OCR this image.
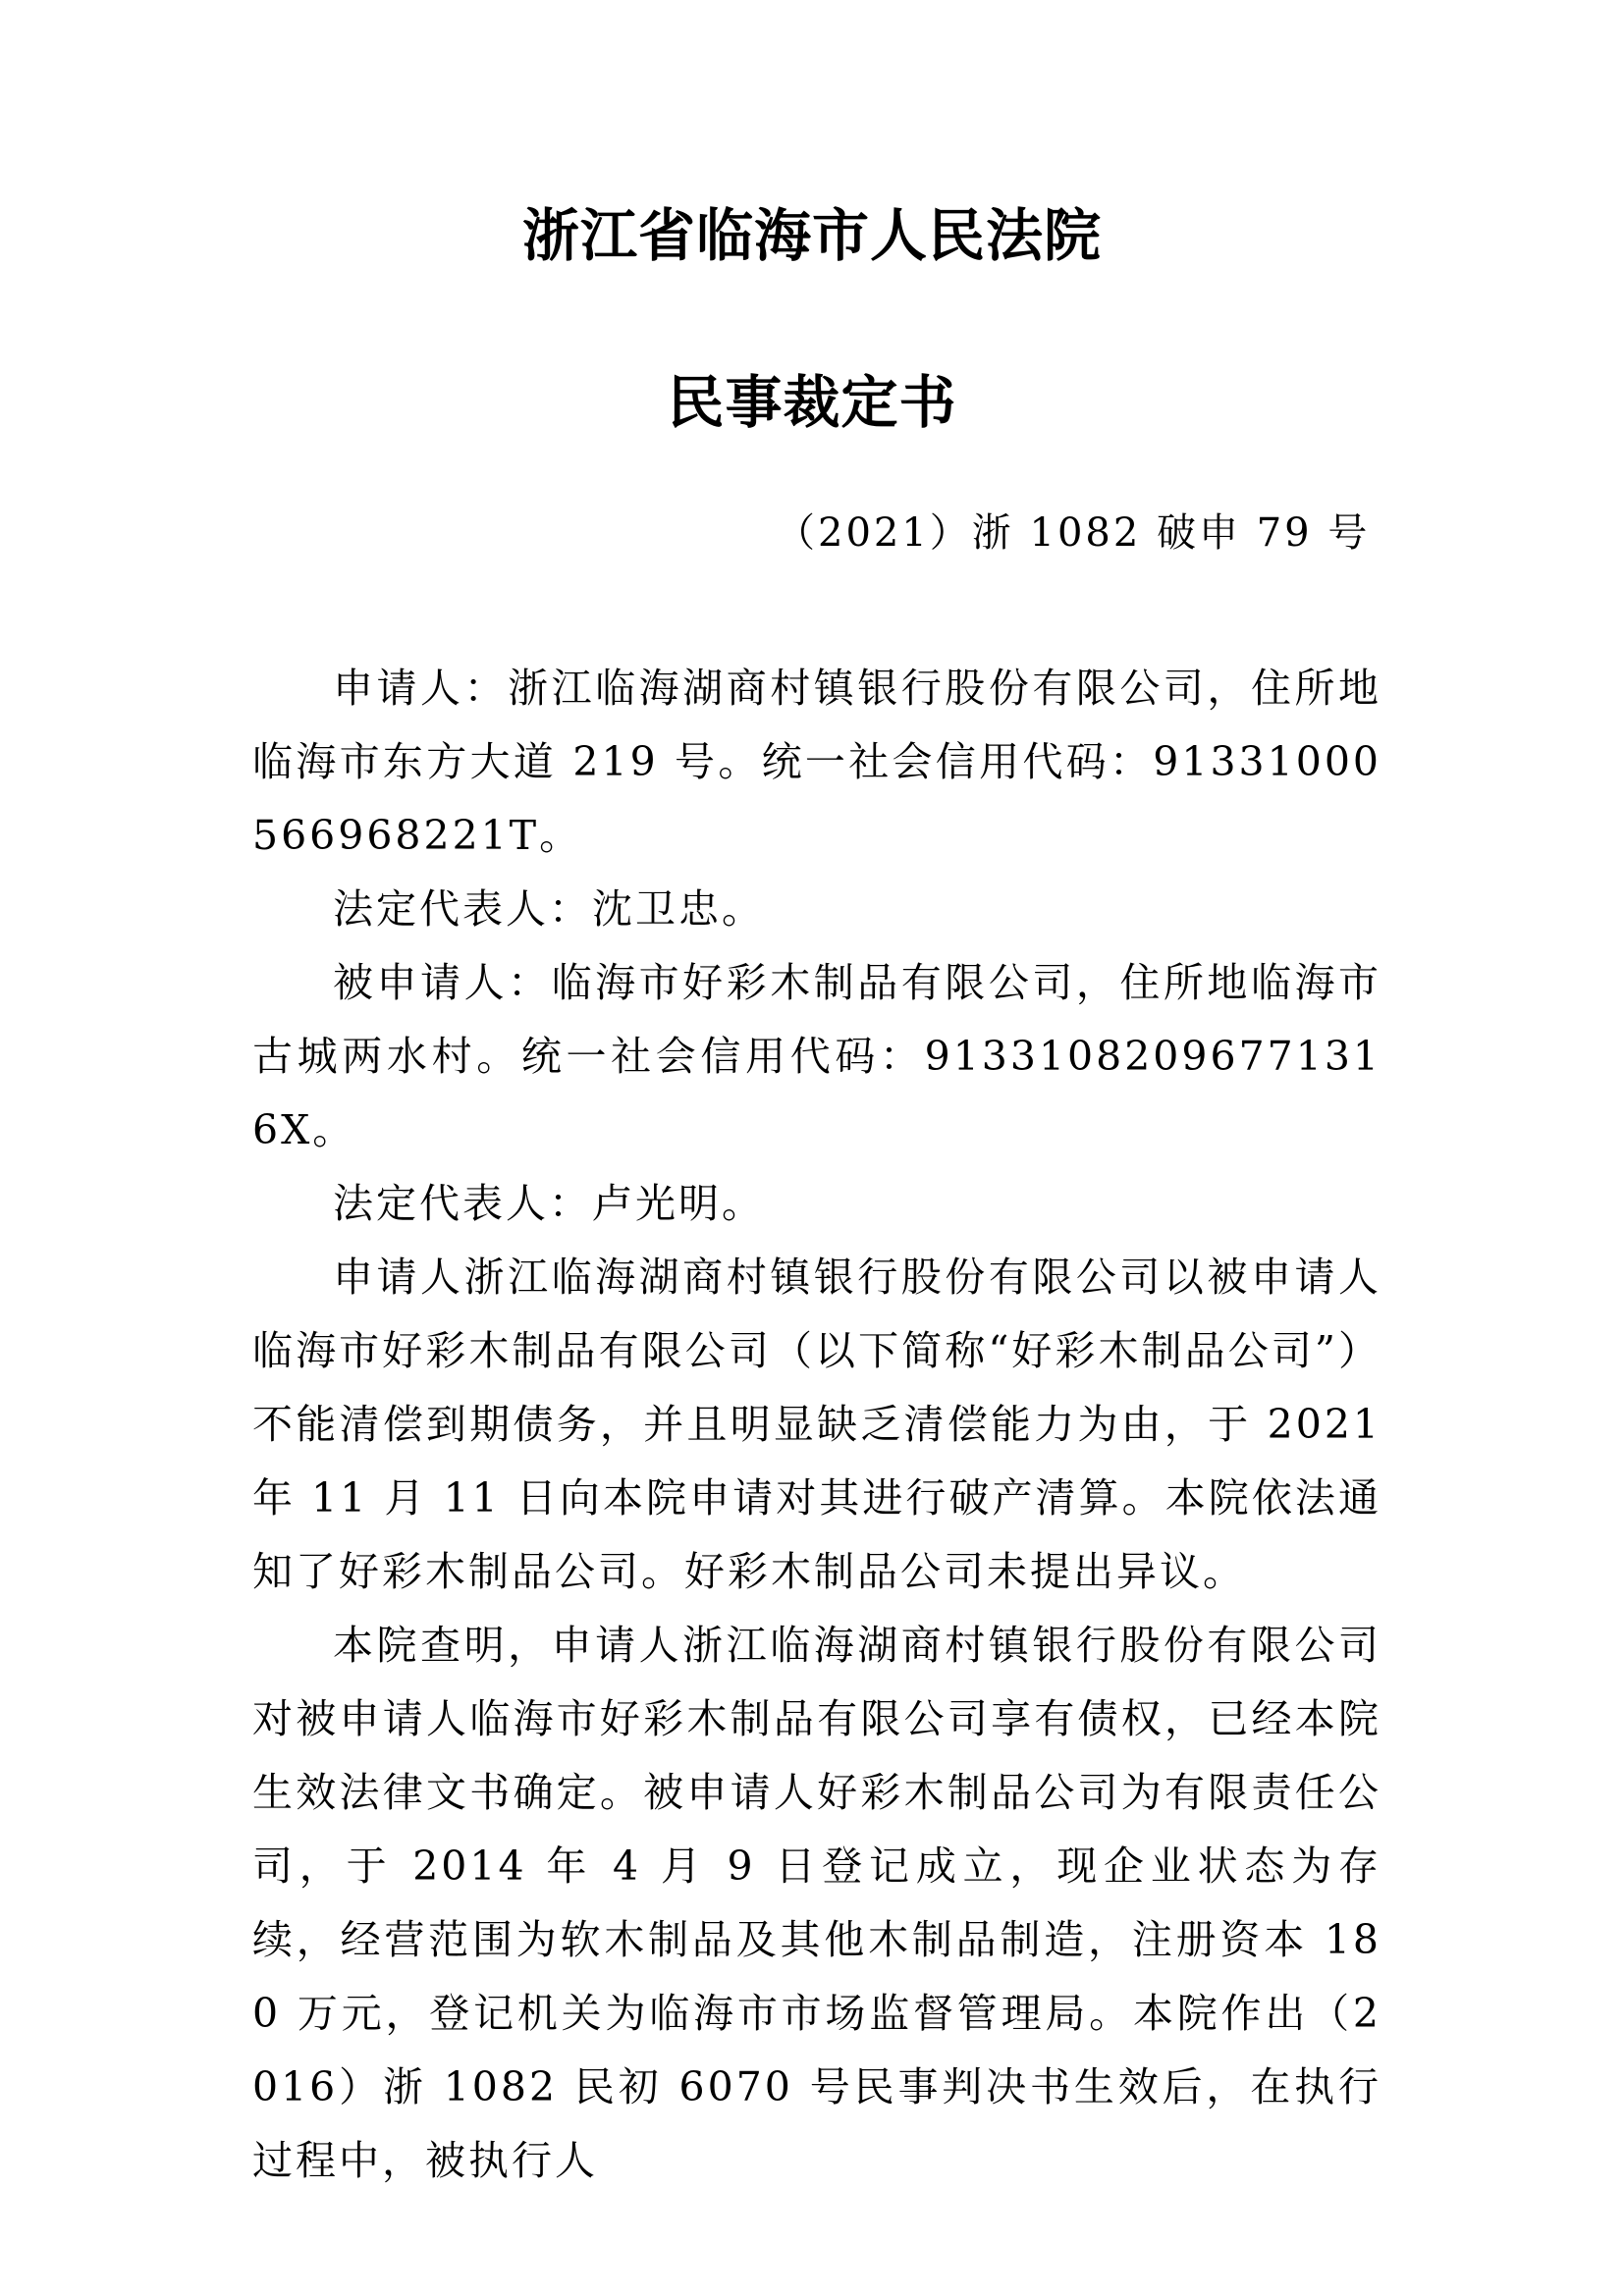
浙江省临海市人民法院
民事裁定书

（2021）浙 1082 破申 79 号

申请人：浙江临海湖商村镇银行股份有限公司，住所地临海市东方大道 219 号。统一社会信用代码：91331000566968221T。

法定代表人：沈卫忠。

被申请人：临海市好彩木制品有限公司，住所地临海市古城两水村。统一社会信用代码：91331082096771316X。

法定代表人：卢光明。

申请人浙江临海湖商村镇银行股份有限公司以被申请人临海市好彩木制品有限公司（以下简称“好彩木制品公司”）不能清偿到期债务，并且明显缺乏清偿能力为由，于 2021 年 11 月 11 日向本院申请对其进行破产清算。本院依法通知了好彩木制品公司。好彩木制品公司未提出异议。

本院查明，申请人浙江临海湖商村镇银行股份有限公司对被申请人临海市好彩木制品有限公司享有债权，已经本院生效法律文书确定。被申请人好彩木制品公司为有限责任公司，于 2014 年 4 月 9 日登记成立，现企业状态为存续，经营范围为软木制品及其他木制品制造，注册资本 180 万元，登记机关为临海市市场监督管理局。本院作出（2016）浙 1082 民初 6070 号民事判决书生效后，在执行过程中，被执行人
